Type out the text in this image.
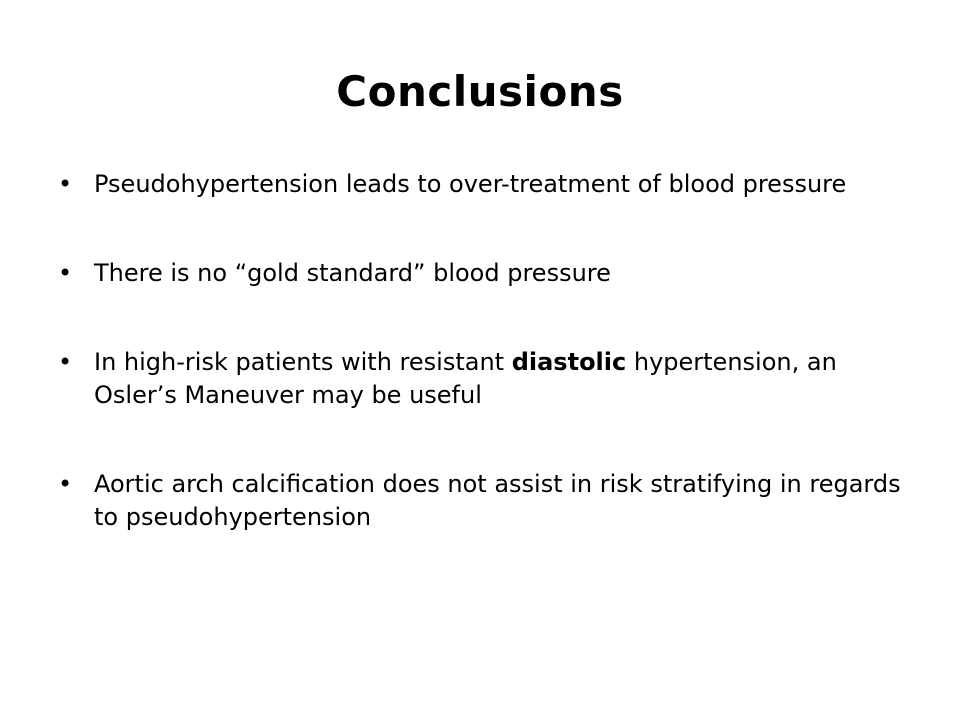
Conclusions
• Pseudohypertension leads to over-treatment of blood pressure
• There is no “gold standard” blood pressure
• In high-risk patients with resistant diastolic hypertension, an Osler’s Maneuver may be useful
• Aortic arch calcification does not assist in risk stratifying in regards to pseudohypertension
